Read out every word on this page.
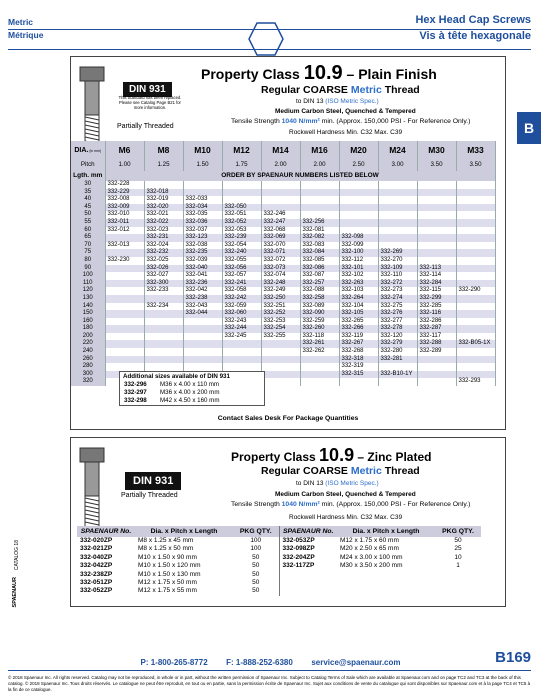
Metric
Métrique
Hex Head Cap Screws
Vis à tête hexagonale
B
DIN 931
This Standard has been replaced. Please see Catalog Page B21 for more information.
Partially Threaded
Property Class 10.9 – Plain Finish
Regular COARSE Metric Thread
to DIN 13 (ISO Metric Spec.)
Medium Carbon Steel, Quenched & Tempered
Tensile Strength 1040 N/mm² min. (Approx. 150,000 PSI - For Reference Only.)
Rockwell Hardness Min. C32 Max. C39
DIA.(in mm)	M6	M8	M10	M12	M14	M16	M20	M24	M30	M33
Pitch	1.00	1.25	1.50	1.75	2.00	2.00	2.50	3.00	3.50	3.50
Lgth. mm	ORDER BY SPAENAUR NUMBERS LISTED BELOW									
30	332-228									
35	332-229	332-018								
40	332-008	332-019	332-033							
45	332-009	332-020	332-034	332-050						
50	332-010	332-021	332-035	332-051	332-246					
55	332-011	332-022	332-036	332-052	332-247	332-256				
60	332-012	332-023	332-037	332-053	332-068	332-081				
65		332-231	332-123	332-239	332-069	332-082	332-098			
70	332-013	332-024	332-038	332-054	332-070	332-083	332-099			
75		332-232	332-235	332-240	332-071	332-084	332-100	332-269		
80	332-230	332-025	332-039	332-055	332-072	332-085	332-112	332-270		
90		332-026	332-040	332-056	332-073	332-086	332-101	332-109	332-113	
100		332-027	332-041	332-057	332-074	332-087	332-102	332-110	332-114	
110		332-300	332-236	332-241	332-248	332-257	332-263	332-272	332-284	
120		332-233	332-042	332-058	332-249	332-088	332-103	332-273	332-115	332-290
130			332-238	332-242	332-250	332-258	332-264	332-274	332-299	
140		332-234	332-043	332-059	332-251	332-089	332-104	332-275	332-285	
150			332-044	332-060	332-252	332-090	332-105	332-276	332-116	
160				332-243	332-253	332-259	332-265	332-277	332-286	
180				332-244	332-254	332-260	332-266	332-278	332-287	
200				332-245	332-255	332-118	332-119	332-120	332-117	
220						332-261	332-267	332-279	332-288	332-B05-1X
240						332-262	332-268	332-280	332-289	
260							332-318	332-281		
280							332-319			
300							332-315	332-B10-1Y		
320										332-293
Additional sizes available of DIN 931
332-296 M36 x 4.00 x 110 mm
332-297 M36 x 4.00 x 200 mm
332-298 M42 x 4.50 x 160 mm
Contact Sales Desk For Package Quantities
DIN 931
Partially Threaded
Property Class 10.9 – Zinc Plated
Regular COARSE Metric Thread
to DIN 13 (ISO Metric Spec.)
Medium Carbon Steel, Quenched & Tempered
Tensile Strength 1040 N/mm² min. (Approx. 150,000 PSI - For Reference Only.)
Rockwell Hardness Min. C32 Max. C39
SPAENAUR No.	Dia. x Pitch x Length	PKG QTY.	SPAENAUR No.	Dia. x Pitch x Length	PKG QTY.
332-020ZP	M8 x 1.25 x 45 mm	100	332-053ZP	M12 x 1.75 x 60 mm	50
332-021ZP	M8 x 1.25 x 50 mm	100	332-098ZP	M20 x 2.50 x 65 mm	25
332-040ZP	M10 x 1.50 x 90 mm	50	332-204ZP	M24 x 3.00 x 100 mm	10
332-042ZP	M10 x 1.50 x 120 mm	50	332-117ZP	M30 x 3.50 x 200 mm	1
332-238ZP	M10 x 1.50 x 130 mm	50			
332-051ZP	M12 x 1.75 x 50 mm	50			
332-052ZP	M12 x 1.75 x 55 mm	50			
CATALOG 18
SPAENAUR
P: 1-800-265-8772 F: 1-888-252-6380 service@spaenaur.com	B169
© 2018 Spaenaur Inc. All rights reserved. Catalog may not be reproduced, in whole or in part, without the written permission of Spaenaur Inc. Subject to Catalog Terms of Sale which are available at Spaenaur.com and on page TC2 and TC3 at the back of this catalog. © 2018 Spaenaur Inc. Tous droits réservés. Le catalogue ne peut être reproduit, en tout ou en partie, sans la permission écrite de Spaenaur Inc. Sujet aux conditions de vente du catalogue qui sont disponibles sur Spaenaur.com et à la page TC4 et TC5 à la fin de ce catalogue.
